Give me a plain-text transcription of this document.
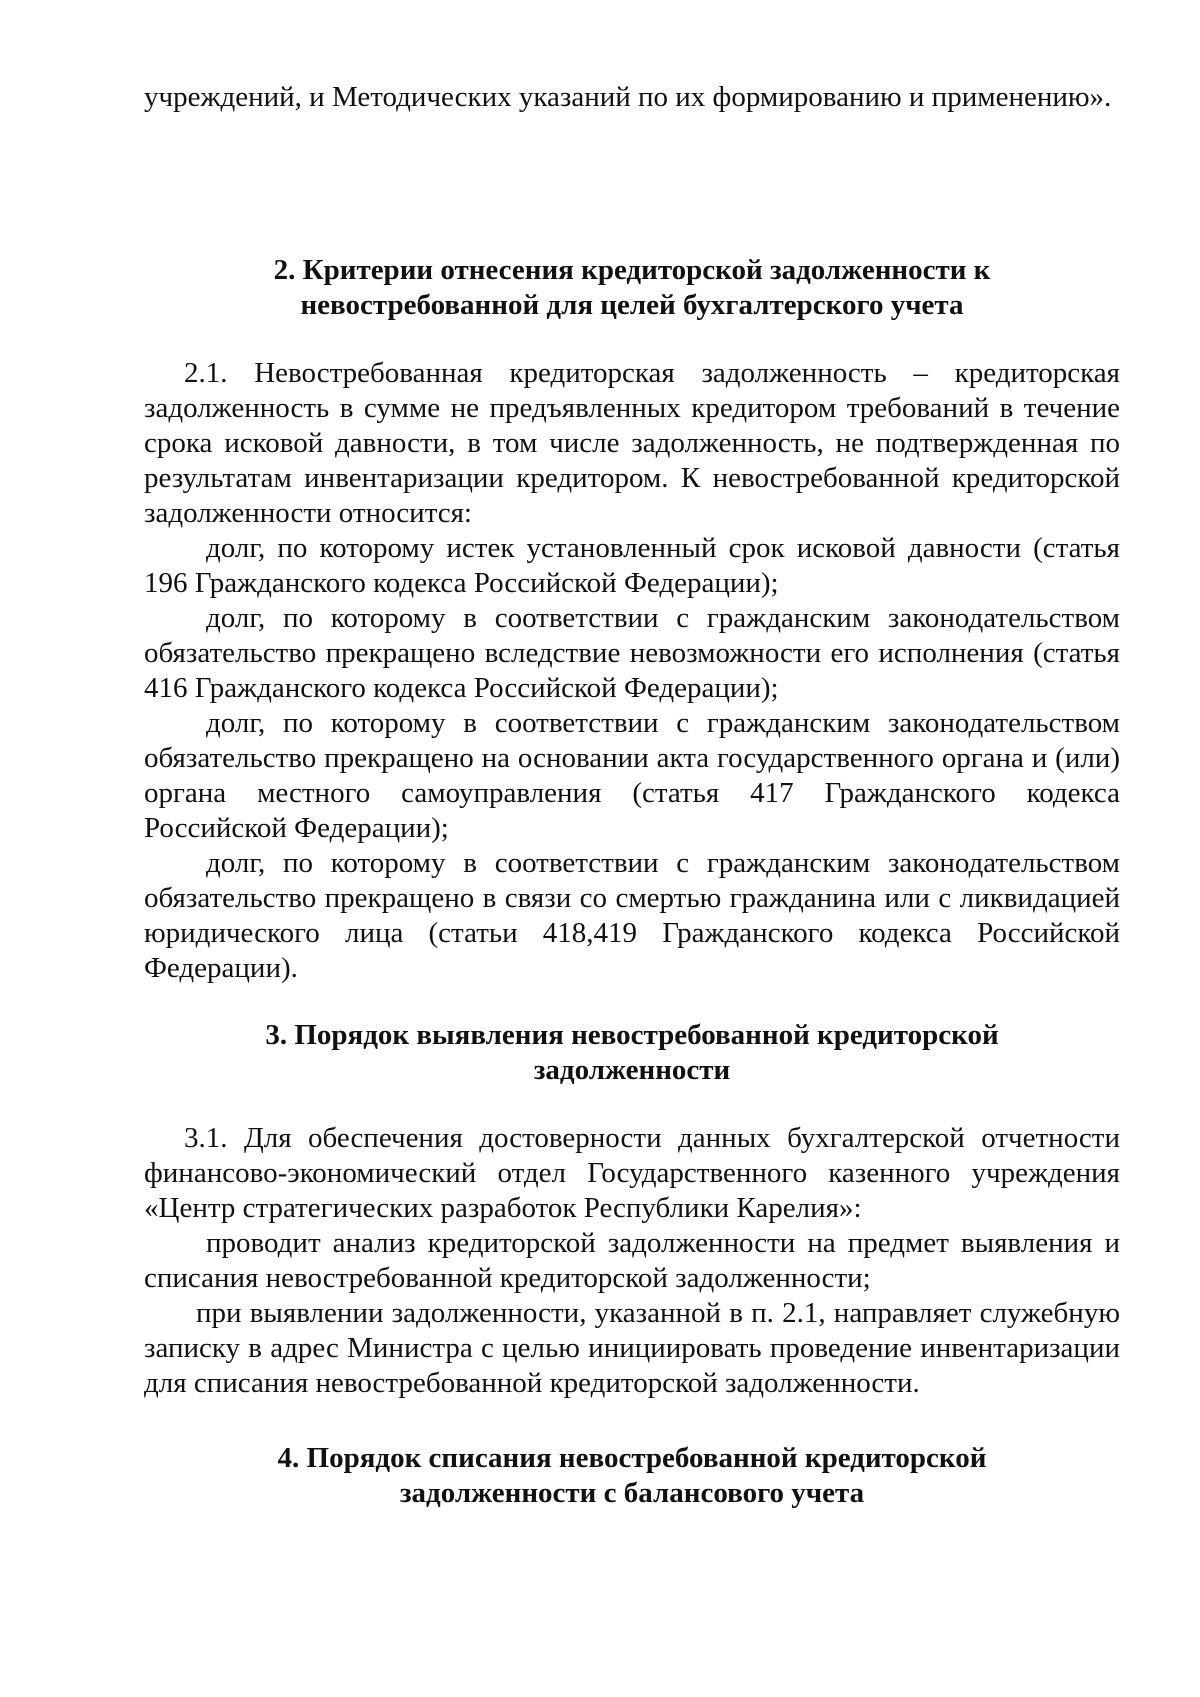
учреждений, и Методических указаний по их формированию и применению».

2. Критерии отнесения кредиторской задолженности к
невостребованной для целей бухгалтерского учета

2.1. Невостребованная кредиторская задолженность – кредиторская задолженность в сумме не предъявленных кредитором требований в течение срока исковой давности, в том числе задолженность, не подтвержденная по результатам инвентаризации кредитором. К невостребованной кредиторской задолженности относится:

долг, по которому истек установленный срок исковой давности (статья 196 Гражданского кодекса Российской Федерации);

долг, по которому в соответствии с гражданским законодательством обязательство прекращено вследствие невозможности его исполнения (статья 416 Гражданского кодекса Российской Федерации);

долг, по которому в соответствии с гражданским законодательством обязательство прекращено на основании акта государственного органа и (или) органа местного самоуправления (статья 417 Гражданского кодекса Российской Федерации);

долг, по которому в соответствии с гражданским законодательством обязательство прекращено в связи со смертью гражданина или с ликвидацией юридического лица (статьи 418,419 Гражданского кодекса Российской Федерации).

3. Порядок выявления невостребованной кредиторской
задолженности

3.1. Для обеспечения достоверности данных бухгалтерской отчетности финансово-экономический отдел Государственного казенного учреждения «Центр стратегических разработок Республики Карелия»:

проводит анализ кредиторской задолженности на предмет выявления и списания невостребованной кредиторской задолженности;

при выявлении задолженности, указанной в п. 2.1, направляет служебную записку в адрес Министра с целью инициировать проведение инвентаризации для списания невостребованной кредиторской задолженности.

4. Порядок списания невостребованной кредиторской
задолженности с балансового учета
